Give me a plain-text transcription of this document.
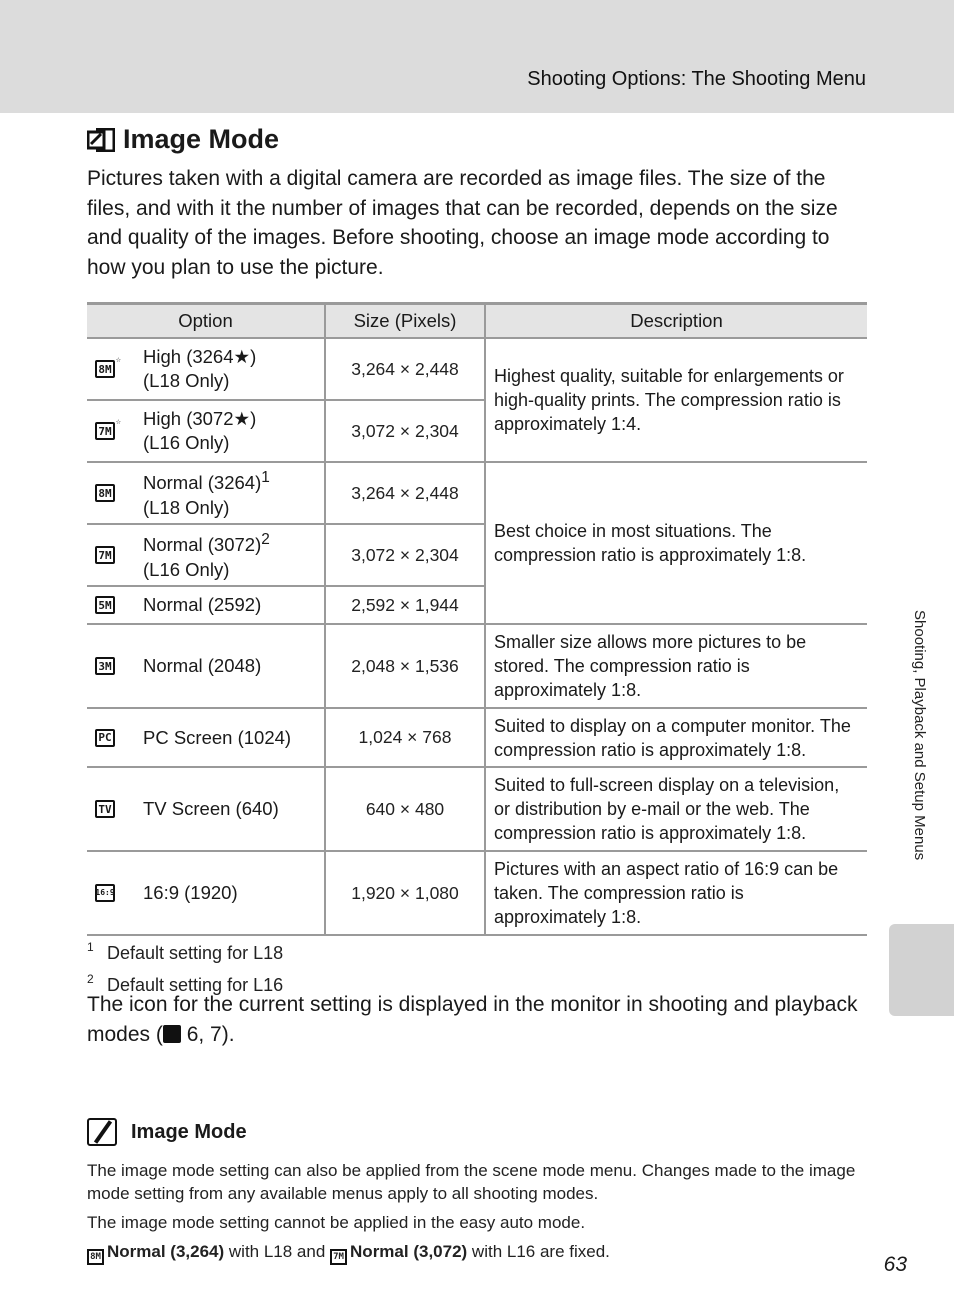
Shooting Options: The Shooting Menu
Image Mode
Pictures taken with a digital camera are recorded as image files. The size of the files, and with it the number of images that can be recorded, depends on the size and quality of the images. Before shooting, choose an image mode according to how you plan to use the picture.
Option	Size (Pixels)	Description

8M ☆
High (3264★)
(L18 Only)	3,264 × 2,448	Highest quality, suitable for enlargements or high-quality prints. The compression ratio is approximately 1:4.

7M ☆
High (3072★)
(L16 Only)	3,072 × 2,304	

8M Normal $(3264)^1$
(L18 Only)	3,264 × 2,448	Best choice in most situations. The compression ratio is approximately 1:8.

7M Normal $(3072)^2$
(L16 Only)	3,072 × 2,304	

5M Normal (2592)	2,592 × 1,944	

3M Normal (2048)	2,048 × 1,536	Smaller size allows more pictures to be stored. The compression ratio is approximately 1:8.

PC PC Screen (1024)	1,024 × 768	Suited to display on a computer monitor. The compression ratio is approximately 1:8.

TV TV Screen (640)	640 × 480	Suited to full-screen display on a television, or distribution by e-mail or the web. The compression ratio is approximately 1:8.

16:9 16:9 (1920)	1,920 × 1,080	Pictures with an aspect ratio of 16:9 can be taken. The compression ratio is approximately 1:8.
$^1$ Default setting for L18
$^2$ Default setting for L16
The icon for the current setting is displayed in the monitor in shooting and playback modes ( 6, 7).
Image Mode

The image mode setting can also be applied from the scene mode menu. Changes made to the image mode setting from any available menus apply to all shooting modes.

The image mode setting cannot be applied in the easy auto mode.

8M Normal (3,264) with L18 and 7M Normal (3,072) with L16 are fixed.

Shooting, Playback and Setup Menus
63
